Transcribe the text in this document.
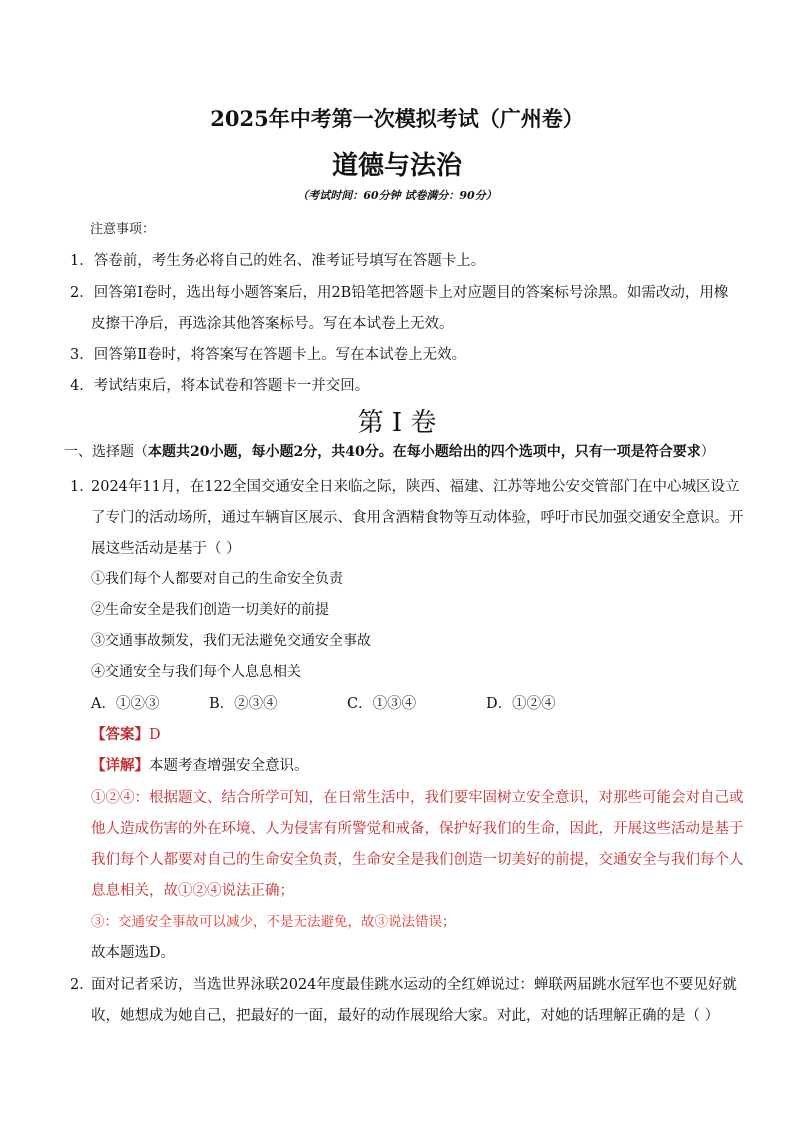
2025年中考第一次模拟考试（广州卷）
道德与法治
（考试时间：60分钟 试卷满分：90分）
注意事项：
1．答卷前，考生务必将自己的姓名、准考证号填写在答题卡上。
2．回答第Ⅰ卷时，选出每小题答案后，用2B铅笔把答题卡上对应题目的答案标号涂黑。如需改动，用橡
皮擦干净后，再选涂其他答案标号。写在本试卷上无效。
3．回答第Ⅱ卷时，将答案写在答题卡上。写在本试卷上无效。
4．考试结束后，将本试卷和答题卡一并交回。
第 I 卷
一、选择题（本题共20小题，每小题2分，共40分。在每小题给出的四个选项中，只有一项是符合要求）
1．
2024年11月，在122全国交通安全日来临之际，陕西、福建、江苏等地公安交管部门在中心城区设立
了专门的活动场所，通过车辆盲区展示、食用含酒精食物等互动体验，呼吁市民加强交通安全意识。开
展这些活动是基于（ ）
①我们每个人都要对自己的生命安全负责
②生命安全是我们创造一切美好的前提
③交通事故频发，我们无法避免交通安全事故
④交通安全与我们每个人息息相关
A．①②③	B．②③④	C．①③④	D．①②④
【答案】D
【详解】本题考查增强安全意识。
①②④：根据题文、结合所学可知，在日常生活中，我们要牢固树立安全意识，对那些可能会对自己或
他人造成伤害的外在环境、人为侵害有所警觉和戒备，保护好我们的生命，因此，开展这些活动是基于
我们每个人都要对自己的生命安全负责，生命安全是我们创造一切美好的前提，交通安全与我们每个人
息息相关，故①②④说法正确；
③：交通安全事故可以减少，不是无法避免，故③说法错误；
故本题选D。
2．
面对记者采访，当选世界泳联2024年度最佳跳水运动的全红婵说过：蝉联两届跳水冠军也不要见好就
收，她想成为她自己，把最好的一面，最好的动作展现给大家。对此，对她的话理解正确的是（ ）
